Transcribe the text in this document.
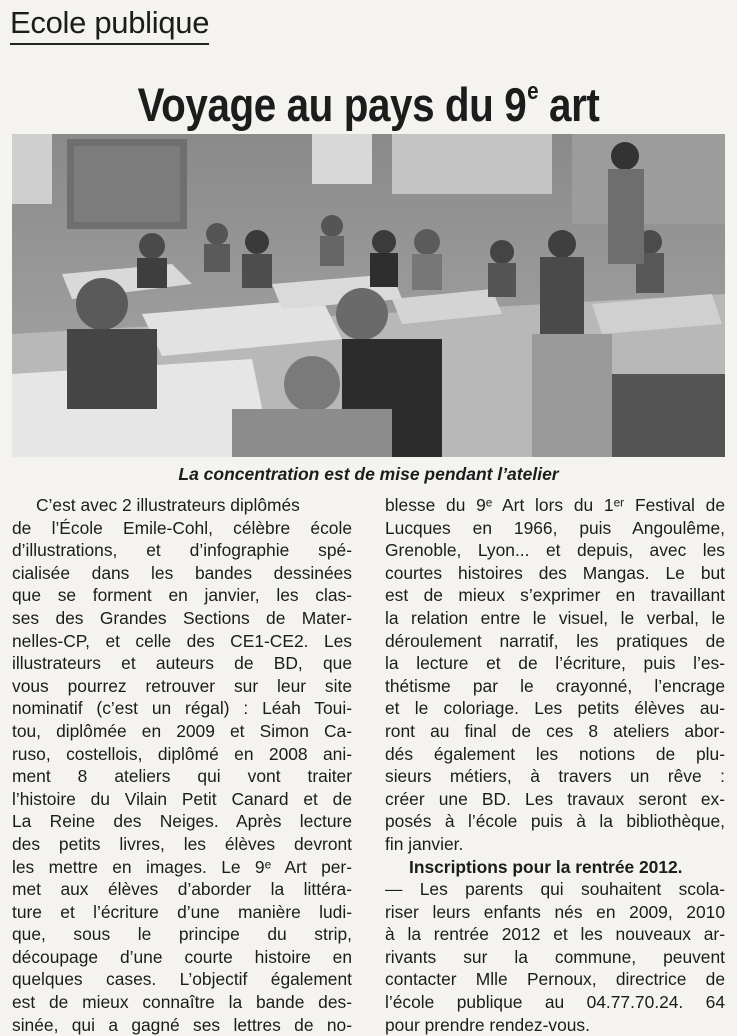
Ecole publique
Voyage au pays du 9e art
La concentration est de mise pendant l’atelier
C’est avec 2 illustrateurs diplômés
de l’École Emile-Cohl, célèbre école
d’illustrations, et d’infographie spé-
cialisée dans les bandes dessinées
que se forment en janvier, les clas-
ses des Grandes Sections de Mater-
nelles-CP, et celle des CE1-CE2. Les
illustrateurs et auteurs de BD, que
vous pourrez retrouver sur leur site
nominatif (c’est un régal) : Léah Toui-
tou, diplômée en 2009 et Simon Ca-
ruso, costellois, diplômé en 2008 ani-
ment 8 ateliers qui vont traiter
l’histoire du Vilain Petit Canard et de
La Reine des Neiges. Après lecture
des petits livres, les élèves devront
les mettre en images. Le 9ᵉ Art per-
met aux élèves d’aborder la littéra-
ture et l’écriture d’une manière ludi-
que, sous le principe du strip,
découpage d’une courte histoire en
quelques cases. L’objectif également
est de mieux connaître la bande des-
sinée, qui a gagné ses lettres de no-
blesse du 9ᵉ Art lors du 1ᵉʳ Festival de
Lucques en 1966, puis Angoulême,
Grenoble, Lyon... et depuis, avec les
courtes histoires des Mangas. Le but
est de mieux s’exprimer en travaillant
la relation entre le visuel, le verbal, le
déroulement narratif, les pratiques de
la lecture et de l’écriture, puis l’es-
thétisme par le crayonné, l’encrage
et le coloriage. Les petits élèves au-
ront au final de ces 8 ateliers abor-
dés également les notions de plu-
sieurs métiers, à travers un rêve :
créer une BD. Les travaux seront ex-
posés à l’école puis à la bibliothèque,
fin janvier.
Inscriptions pour la rentrée 2012.
— Les parents qui souhaitent scola-
riser leurs enfants nés en 2009, 2010
à la rentrée 2012 et les nouveaux ar-
rivants sur la commune, peuvent
contacter Mlle Pernoux, directrice de
l’école publique au 04.77.70.24. 64
pour prendre rendez-vous.
